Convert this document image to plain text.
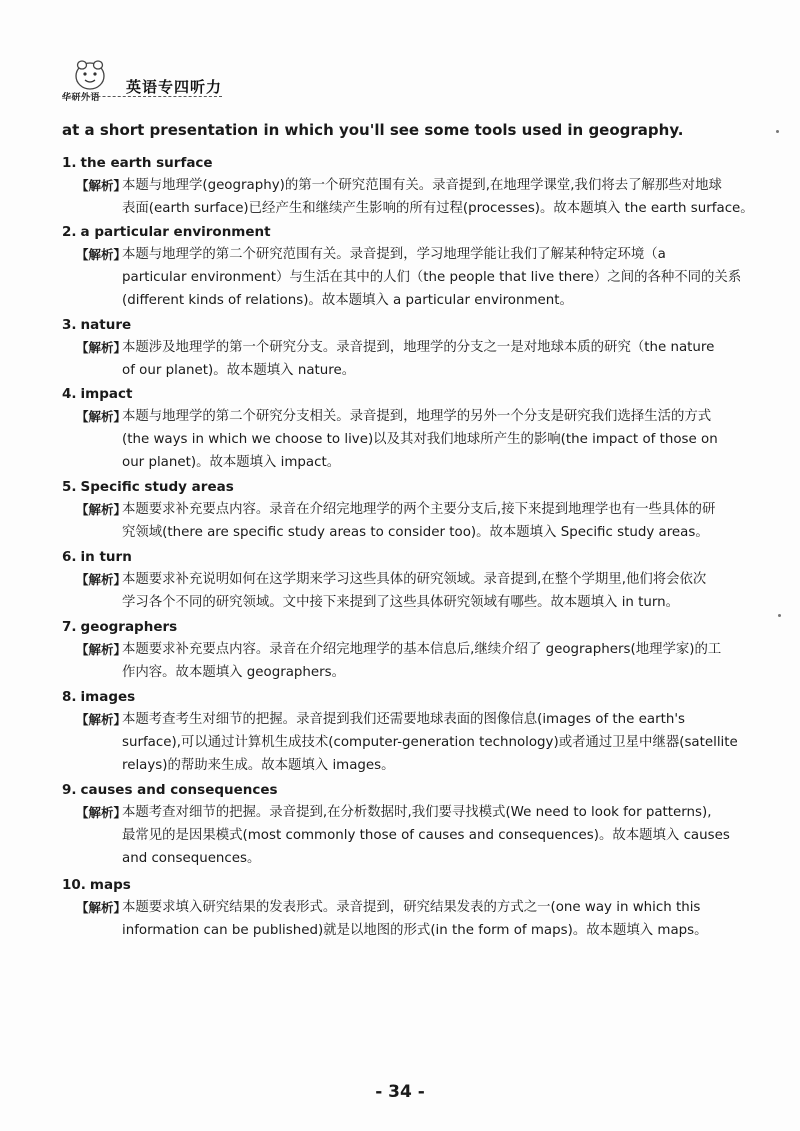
华研外语
英语专四听力
at a short presentation in which you'll see some tools used in geography.
1. the earth surface
【解析】
本题与地理学(geography)的第一个研究范围有关。录音提到,在地理学课堂,我们将去了解那些对地球
表面(earth surface)已经产生和继续产生影响的所有过程(processes)。故本题填入 the earth surface。
2. a particular environment
【解析】
本题与地理学的第二个研究范围有关。录音提到，学习地理学能让我们了解某种特定环境（a
particular environment）与生活在其中的人们（the people that live there）之间的各种不同的关系
(different kinds of relations)。故本题填入 a particular environment。
3. nature
【解析】
本题涉及地理学的第一个研究分支。录音提到，地理学的分支之一是对地球本质的研究（the nature
of our planet)。故本题填入 nature。
4. impact
【解析】
本题与地理学的第二个研究分支相关。录音提到，地理学的另外一个分支是研究我们选择生活的方式
(the ways in which we choose to live)以及其对我们地球所产生的影响(the impact of those on
our planet)。故本题填入 impact。
5. Specific study areas
【解析】
本题要求补充要点内容。录音在介绍完地理学的两个主要分支后,接下来提到地理学也有一些具体的研
究领域(there are specific study areas to consider too)。故本题填入 Specific study areas。
6. in turn
【解析】
本题要求补充说明如何在这学期来学习这些具体的研究领域。录音提到,在整个学期里,他们将会依次
学习各个不同的研究领域。文中接下来提到了这些具体研究领域有哪些。故本题填入 in turn。
7. geographers
【解析】
本题要求补充要点内容。录音在介绍完地理学的基本信息后,继续介绍了 geographers(地理学家)的工
作内容。故本题填入 geographers。
8. images
【解析】
本题考查考生对细节的把握。录音提到我们还需要地球表面的图像信息(images of the earth's
surface),可以通过计算机生成技术(computer-generation technology)或者通过卫星中继器(satellite
relays)的帮助来生成。故本题填入 images。
9. causes and consequences
【解析】
本题考查对细节的把握。录音提到,在分析数据时,我们要寻找模式(We need to look for patterns),
最常见的是因果模式(most commonly those of causes and consequences)。故本题填入 causes
and consequences。
10. maps
【解析】
本题要求填入研究结果的发表形式。录音提到，研究结果发表的方式之一(one way in which this
information can be published)就是以地图的形式(in the form of maps)。故本题填入 maps。
- 34 -
